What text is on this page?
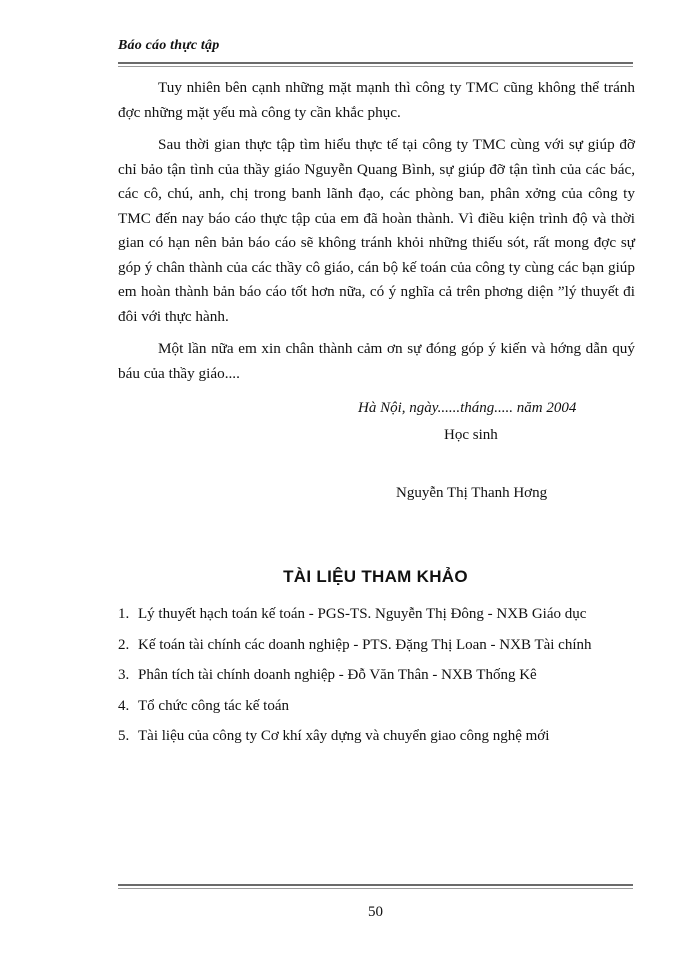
Báo cáo thực tập

Tuy nhiên bên cạnh những mặt mạnh thì công ty TMC cũng không thể tránh đợc những mặt yếu mà công ty cần khắc phục.

Sau thời gian thực tập tìm hiểu thực tế tại công ty TMC cùng với sự giúp đỡ chỉ bảo tận tình của thầy giáo Nguyễn Quang Bình, sự giúp đỡ tận tình của các bác, các cô, chú, anh, chị trong banh lãnh đạo, các phòng ban, phân xởng của công ty TMC đến nay báo cáo thực tập của em đã hoàn thành. Vì điều kiện trình độ và thời gian có hạn nên bản báo cáo sẽ không tránh khỏi những thiếu sót, rất mong đợc sự góp ý chân thành của các thầy cô giáo, cán bộ kế toán của công ty cùng các bạn giúp em hoàn thành bản báo cáo tốt hơn nữa, có ý nghĩa cả trên phơng diện ”lý thuyết đi đôi với thực hành.

Một lần nữa em xin chân thành cảm ơn sự đóng góp ý kiến và hớng dẫn quý báu của thầy giáo....

Hà Nội, ngày......tháng..... năm 2004
Học sinh
Nguyễn Thị Thanh Hơng
TÀI LIỆU THAM KHẢO
1. Lý thuyết hạch toán kế toán - PGS-TS. Nguyễn Thị Đông - NXB Giáo dục
2. Kế toán tài chính các doanh nghiệp - PTS. Đặng Thị Loan - NXB Tài chính
3. Phân tích tài chính doanh nghiệp - Đỗ Văn Thân - NXB Thống Kê
4. Tổ chức công tác kế toán
5. Tài liệu của công ty Cơ khí xây dựng và chuyển giao công nghệ mới
50
